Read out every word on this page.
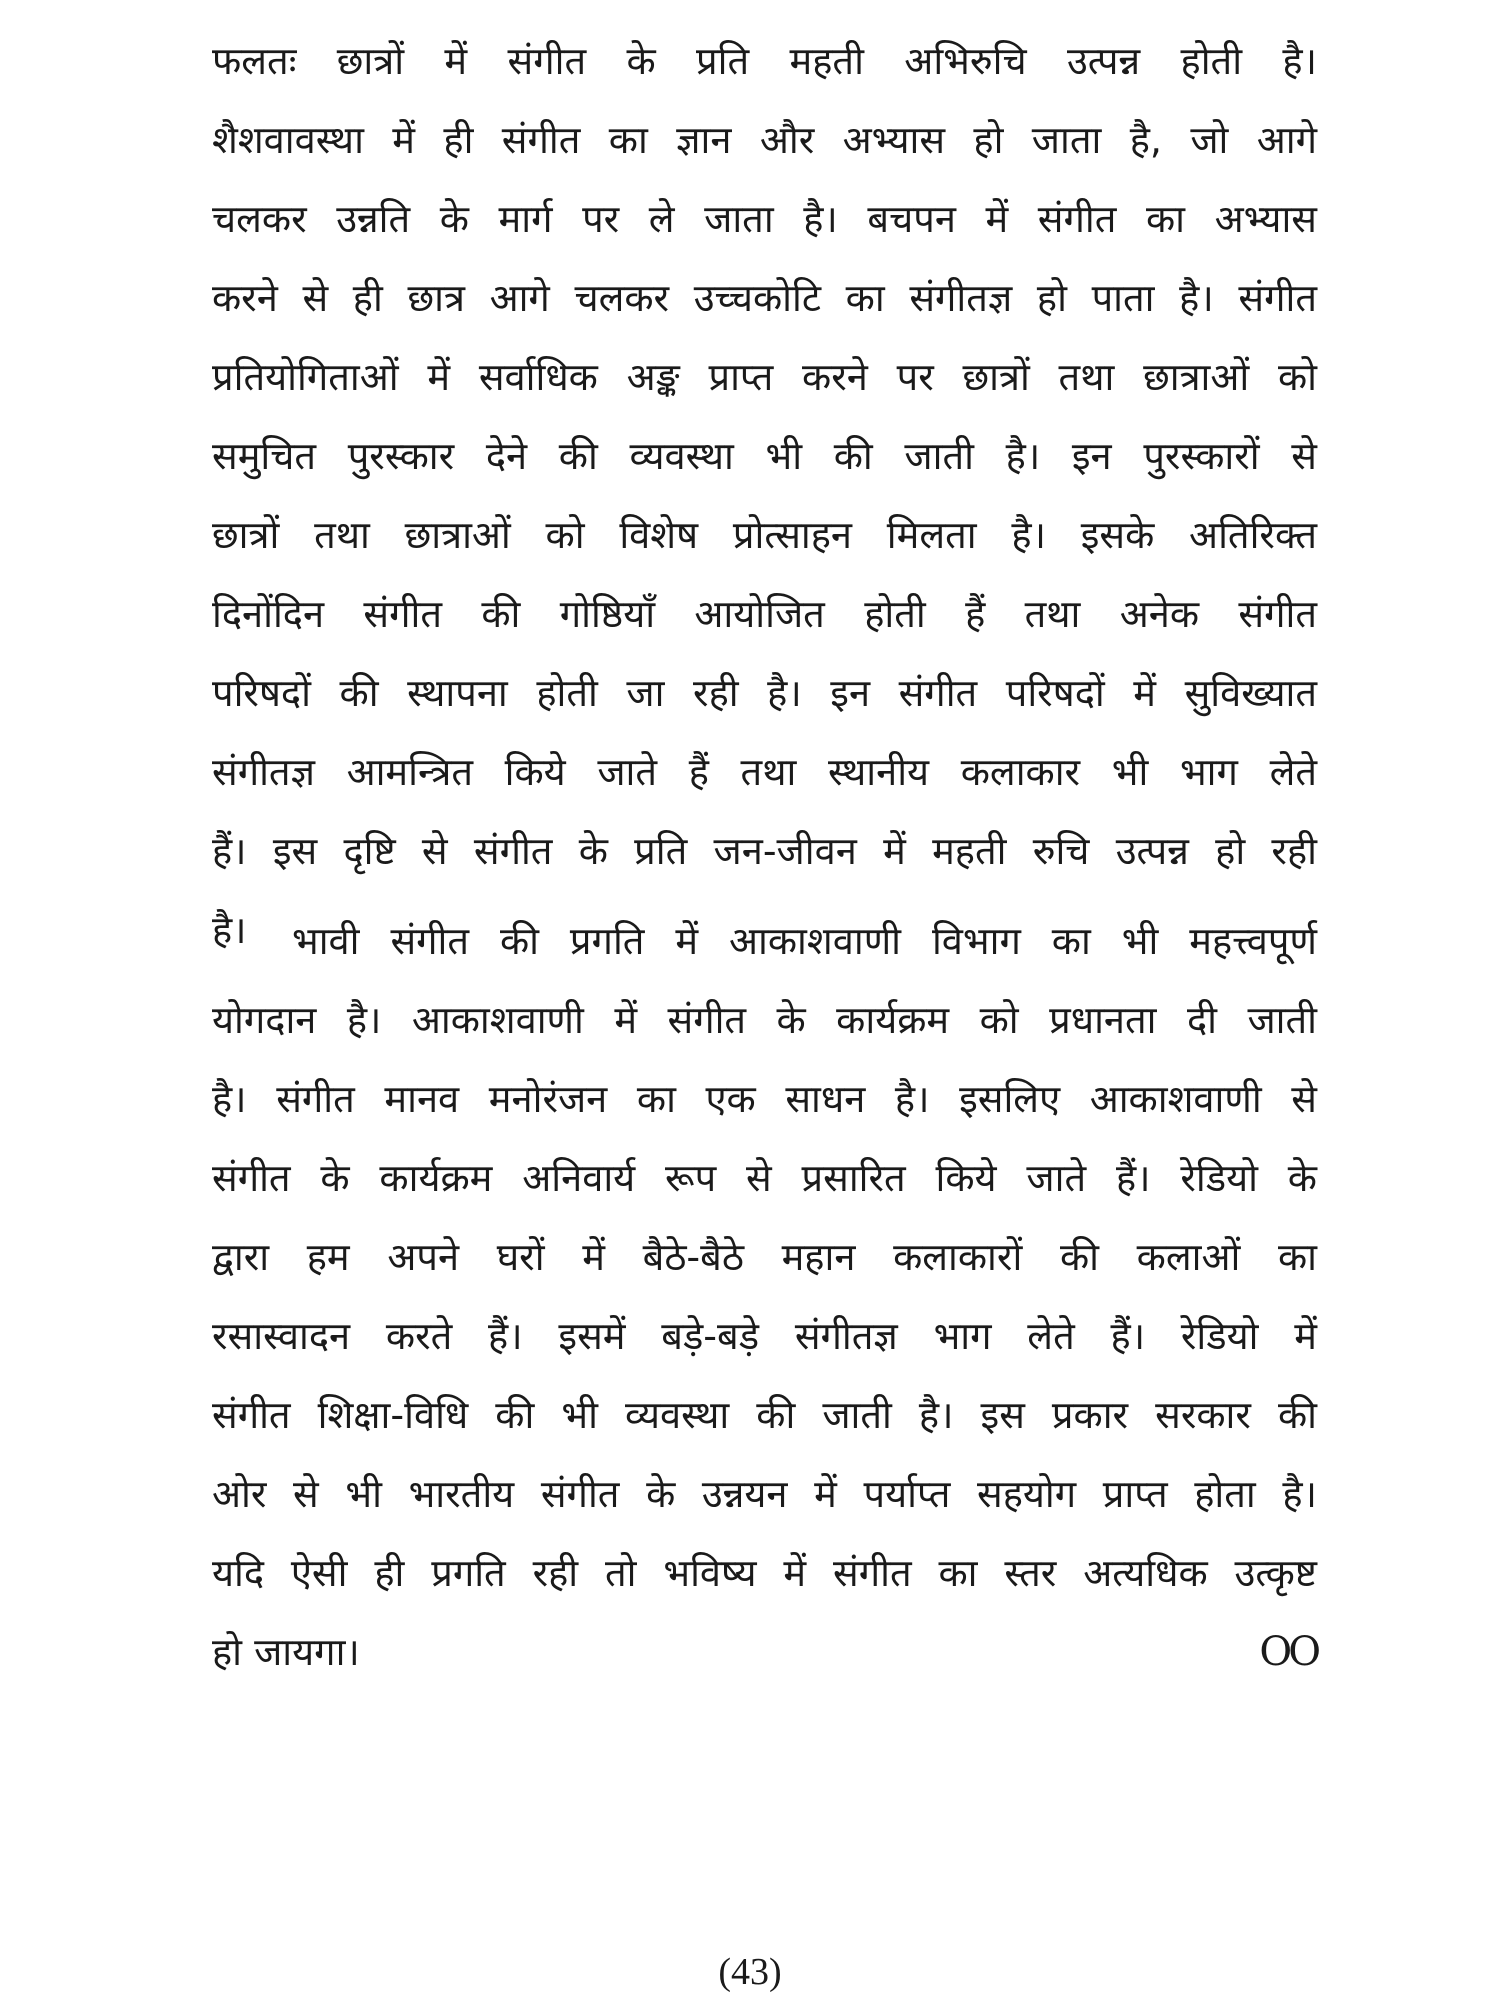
फलतः छात्रों में संगीत के प्रति महती अभिरुचि उत्पन्न होती है।
शैशवावस्था में ही संगीत का ज्ञान और अभ्यास हो जाता है, जो आगे
चलकर उन्नति के मार्ग पर ले जाता है। बचपन में संगीत का अभ्यास
करने से ही छात्र आगे चलकर उच्चकोटि का संगीतज्ञ हो पाता है। संगीत
प्रतियोगिताओं में सर्वाधिक अङ्क प्राप्त करने पर छात्रों तथा छात्राओं को
समुचित पुरस्कार देने की व्यवस्था भी की जाती है। इन पुरस्कारों से
छात्रों तथा छात्राओं को विशेष प्रोत्साहन मिलता है। इसके अतिरिक्त
दिनोंदिन संगीत की गोष्ठियाँ आयोजित होती हैं तथा अनेक संगीत
परिषदों की स्थापना होती जा रही है। इन संगीत परिषदों में सुविख्यात
संगीतज्ञ आमन्त्रित किये जाते हैं तथा स्थानीय कलाकार भी भाग लेते
हैं। इस दृष्टि से संगीत के प्रति जन-जीवन में महती रुचि उत्पन्न हो रही
है।	भावी संगीत की प्रगति में आकाशवाणी विभाग का भी महत्त्वपूर्ण
योगदान है। आकाशवाणी में संगीत के कार्यक्रम को प्रधानता दी जाती
है। संगीत मानव मनोरंजन का एक साधन है। इसलिए आकाशवाणी से
संगीत के कार्यक्रम अनिवार्य रूप से प्रसारित किये जाते हैं। रेडियो के
द्वारा हम अपने घरों में बैठे-बैठे महान कलाकारों की कलाओं का
रसास्वादन करते हैं। इसमें बड़े-बड़े संगीतज्ञ भाग लेते हैं। रेडियो में
संगीत शिक्षा-विधि की भी व्यवस्था की जाती है। इस प्रकार सरकार की
ओर से भी भारतीय संगीत के उन्नयन में पर्याप्त सहयोग प्राप्त होता है।
यदि ऐसी ही प्रगति रही तो भविष्य में संगीत का स्तर अत्यधिक उत्कृष्ट
हो जायगा।	OO
(43)
